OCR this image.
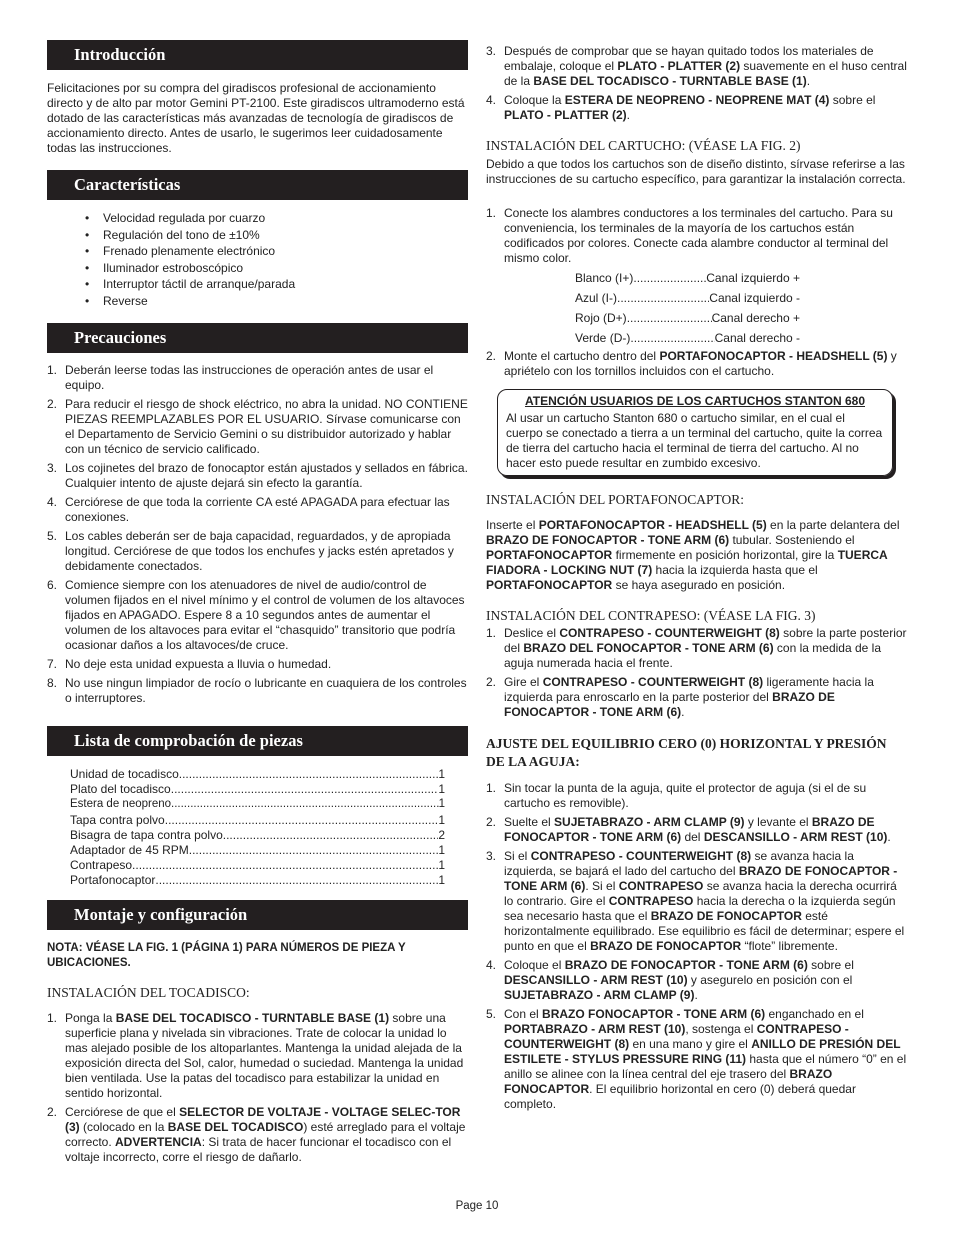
Introducción
Felicitaciones por su compra del giradiscos profesional de accionamiento directo y de alto par motor Gemini PT-2100. Este giradiscos ultramoderno está dotado de las características más avanzadas de tecnología de giradiscos de accionamiento directo. Antes de usarlo, le sugerimos leer cuidadosamente todas las instrucciones.
Características
• Velocidad regulada por cuarzo
• Regulación del tono de ±10%
• Frenado plenamente electrónico
• Iluminador estroboscópico
• Interruptor táctil de arranque/parada
• Reverse
Precauciones
1. Deberán leerse todas las instrucciones de operación antes de usar el equipo.
2. Para reducir el riesgo de shock eléctrico, no abra la unidad. NO CONTIENE PIEZAS REEMPLAZABLES POR EL USUARIO. Sírvase comunicarse con el Departamento de Servicio Gemini o su distribuidor autorizado y hablar con un técnico de servicio calificado.
3. Los cojinetes del brazo de fonocaptor están ajustados y sellados en fábrica. Cualquier intento de ajuste dejará sin efecto la garantía.
4. Cerciórese de que toda la corriente CA esté APAGADA para efectuar las conexiones.
5. Los cables deberán ser de baja capacidad, reguardados, y de apropiada longitud. Cerciórese de que todos los enchufes y jacks estén apretados y debidamente conectados.
6. Comience siempre con los atenuadores de nivel de audio/control de volumen fijados en el nivel mínimo y el control de volumen de los altavoces fijados en APAGADO. Espere 8 a 10 segundos antes de aumentar el volumen de los altavoces para evitar el “chasquido” transitorio que podría ocasionar daños a los altavoces/de cruce.
7. No deje esta unidad expuesta a lluvia o humedad.
8. No use ningun limpiador de rocío o lubricante en cuaquiera de los controles o interruptores.
Lista de comprobación de piezas
Unidad de tocadisco .....	1
Plato del tocadisco .....	1
Estera de neopreno .....	1
Tapa contra polvo .....	1
Bisagra de tapa contra polvo .....	2
Adaptador de 45 RPM .....	1
Contrapeso .....	1
Portafonocaptor .....	1
Montaje y configuración
NOTA: VÉASE LA FIG. 1 (PÁGINA 1) PARA NÚMEROS DE PIEZA Y UBICACIONES.
INSTALACIÓN DEL TOCADISCO:
1. Ponga la BASE DEL TOCADISCO - TURNTABLE BASE (1) sobre una superficie plana y nivelada sin vibraciones. Trate de colocar la unidad lo mas alejado posible de los altoparlantes. Mantenga la unidad alejada de la exposición directa del Sol, calor, humedad o suciedad. Mantenga la unidad bien ventilada. Use la patas del tocadisco para estabilizar la unidad en sentido horizontal.
2. Cerciórese de que el SELECTOR DE VOLTAJE - VOLTAGE SELEC-TOR (3) (colocado en la BASE DEL TOCADISCO) esté arreglado para el voltaje correcto. ADVERTENCIA: Si trata de hacer funcionar el tocadisco con el voltaje incorrecto, corre el riesgo de dañarlo.
3. Después de comprobar que se hayan quitado todos los materiales de embalaje, coloque el PLATO - PLATTER (2) suavemente en el huso central de la BASE DEL TOCADISCO - TURNTABLE BASE (1).
4. Coloque la ESTERA DE NEOPRENO - NEOPRENE MAT (4) sobre el PLATO - PLATTER (2).
INSTALACIÓN DEL CARTUCHO: (VÉASE LA FIG. 2)
Debido a que todos los cartuchos son de diseño distinto, sírvase referirse a las instrucciones de su cartucho específico, para garantizar la instalación correcta.
1. Conecte los alambres conductores a los terminales del cartucho. Para su conveniencia, los terminales de la mayoría de los cartuchos están codificados por colores. Conecte cada alambre conductor al terminal del mismo color.
Blanco (I+) .....	Canal izquierdo +
Azul (I-) .....	Canal izquierdo -
Rojo (D+) .....	Canal derecho +
Verde (D-) .....	Canal derecho -
2. Monte el cartucho dentro del PORTAFONOCAPTOR - HEADSHELL (5) y apriételo con los tornillos incluidos con el cartucho.
ATENCIÓN USUARIOS DE LOS CARTUCHOS STANTON 680
Al usar un cartucho Stanton 680 o cartucho similar, en el cual el cuerpo se conectado a tierra a un terminal del cartucho, quite la correa de tierra del cartucho hacia el terminal de tierra del cartucho. Al no hacer esto puede resultar en zumbido excesivo.
INSTALACIÓN DEL PORTAFONOCAPTOR:
Inserte el PORTAFONOCAPTOR - HEADSHELL (5) en la parte delantera del BRAZO DE FONOCAPTOR - TONE ARM (6) tubular. Sosteniendo el PORTAFONOCAPTOR firmemente en posición horizontal, gire la TUERCA FIADORA - LOCKING NUT (7) hacia la izquierda hasta que el PORTAFONOCAPTOR se haya asegurado en posición.
INSTALACIÓN DEL CONTRAPESO: (VÉASE LA FIG. 3)
1. Deslice el CONTRAPESO - COUNTERWEIGHT (8) sobre la parte posterior del BRAZO DEL FONOCAPTOR - TONE ARM (6) con la medida de la aguja numerada hacia el frente.
2. Gire el CONTRAPESO - COUNTERWEIGHT (8) ligeramente hacia la izquierda para enroscarlo en la parte posterior del BRAZO DE FONOCAPTOR - TONE ARM (6).
AJUSTE DEL EQUILIBRIO CERO (0) HORIZONTAL Y PRESIÓN DE LA AGUJA:
1. Sin tocar la punta de la aguja, quite el protector de aguja (si el de su cartucho es removible).
2. Suelte el SUJETABRAZO - ARM CLAMP (9) y levante el BRAZO DE FONOCAPTOR - TONE ARM (6) del DESCANSILLO - ARM REST (10).
3. Si el CONTRAPESO - COUNTERWEIGHT (8) se avanza hacia la izquierda, se bajará el lado del cartucho del BRAZO DE FONOCAPTOR - TONE ARM (6). Si el CONTRAPESO se avanza hacia la derecha ocurrirá lo contrario. Gire el CONTRAPESO hacia la derecha o la izquierda según sea necesario hasta que el BRAZO DE FONOCAPTOR esté horizontalmente equilibrado. Ese equilibrio es fácil de determinar; espere el punto en que el BRAZO DE FONOCAPTOR “flote” libremente.
4. Coloque el BRAZO DE FONOCAPTOR - TONE ARM (6) sobre el DESCANSILLO - ARM REST (10) y asegurelo en posición con el SUJETABRAZO - ARM CLAMP (9).
5. Con el BRAZO FONOCAPTOR - TONE ARM (6) enganchado en el PORTABRAZO - ARM REST (10), sostenga el CONTRAPESO - COUNTERWEIGHT (8) en una mano y gire el ANILLO DE PRESIÓN DEL ESTILETE - STYLUS PRESSURE RING (11) hasta que el número “0” en el anillo se alinee con la línea central del eje trasero del BRAZO FONOCAPTOR. El equilibrio horizontal en cero (0) deberá quedar completo.
Page 10
